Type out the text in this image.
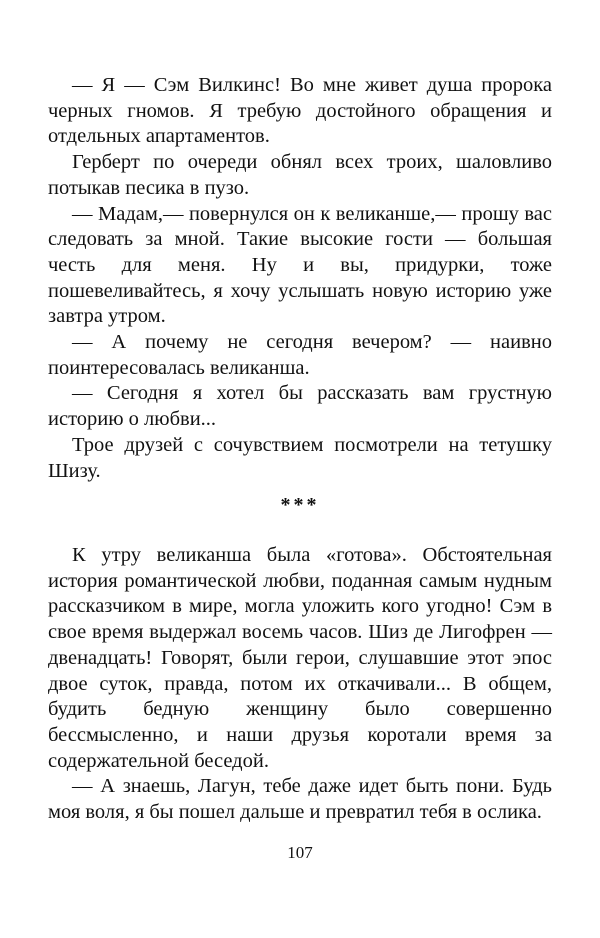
— Я — Сэм Вилкинс! Во мне живет душа пророка черных гномов. Я требую достойного обращения и отдельных апартаментов.

Герберт по очереди обнял всех троих, шаловливо потыкав песика в пузо.

— Мадам,— повернулся он к великанше,— прошу вас следовать за мной. Такие высокие гости — большая честь для меня. Ну и вы, придурки, тоже пошевеливайтесь, я хочу услышать новую историю уже завтра утром.

— А почему не сегодня вечером? — наивно поинтересовалась великанша.

— Сегодня я хотел бы рассказать вам грустную историю о любви...

Трое друзей с сочувствием посмотрели на тетушку Шизу.

***

К утру великанша была «готова». Обстоятельная история романтической любви, поданная самым нудным рассказчиком в мире, могла уложить кого угодно! Сэм в свое время выдержал восемь часов. Шиз де Лигофрен — двенадцать! Говорят, были герои, слушавшие этот эпос двое суток, правда, потом их откачивали... В общем, будить бедную женщину было совершенно бессмысленно, и наши друзья коротали время за содержательной беседой.

— А знаешь, Лагун, тебе даже идет быть пони. Будь моя воля, я бы пошел дальше и превратил тебя в ослика.

107
